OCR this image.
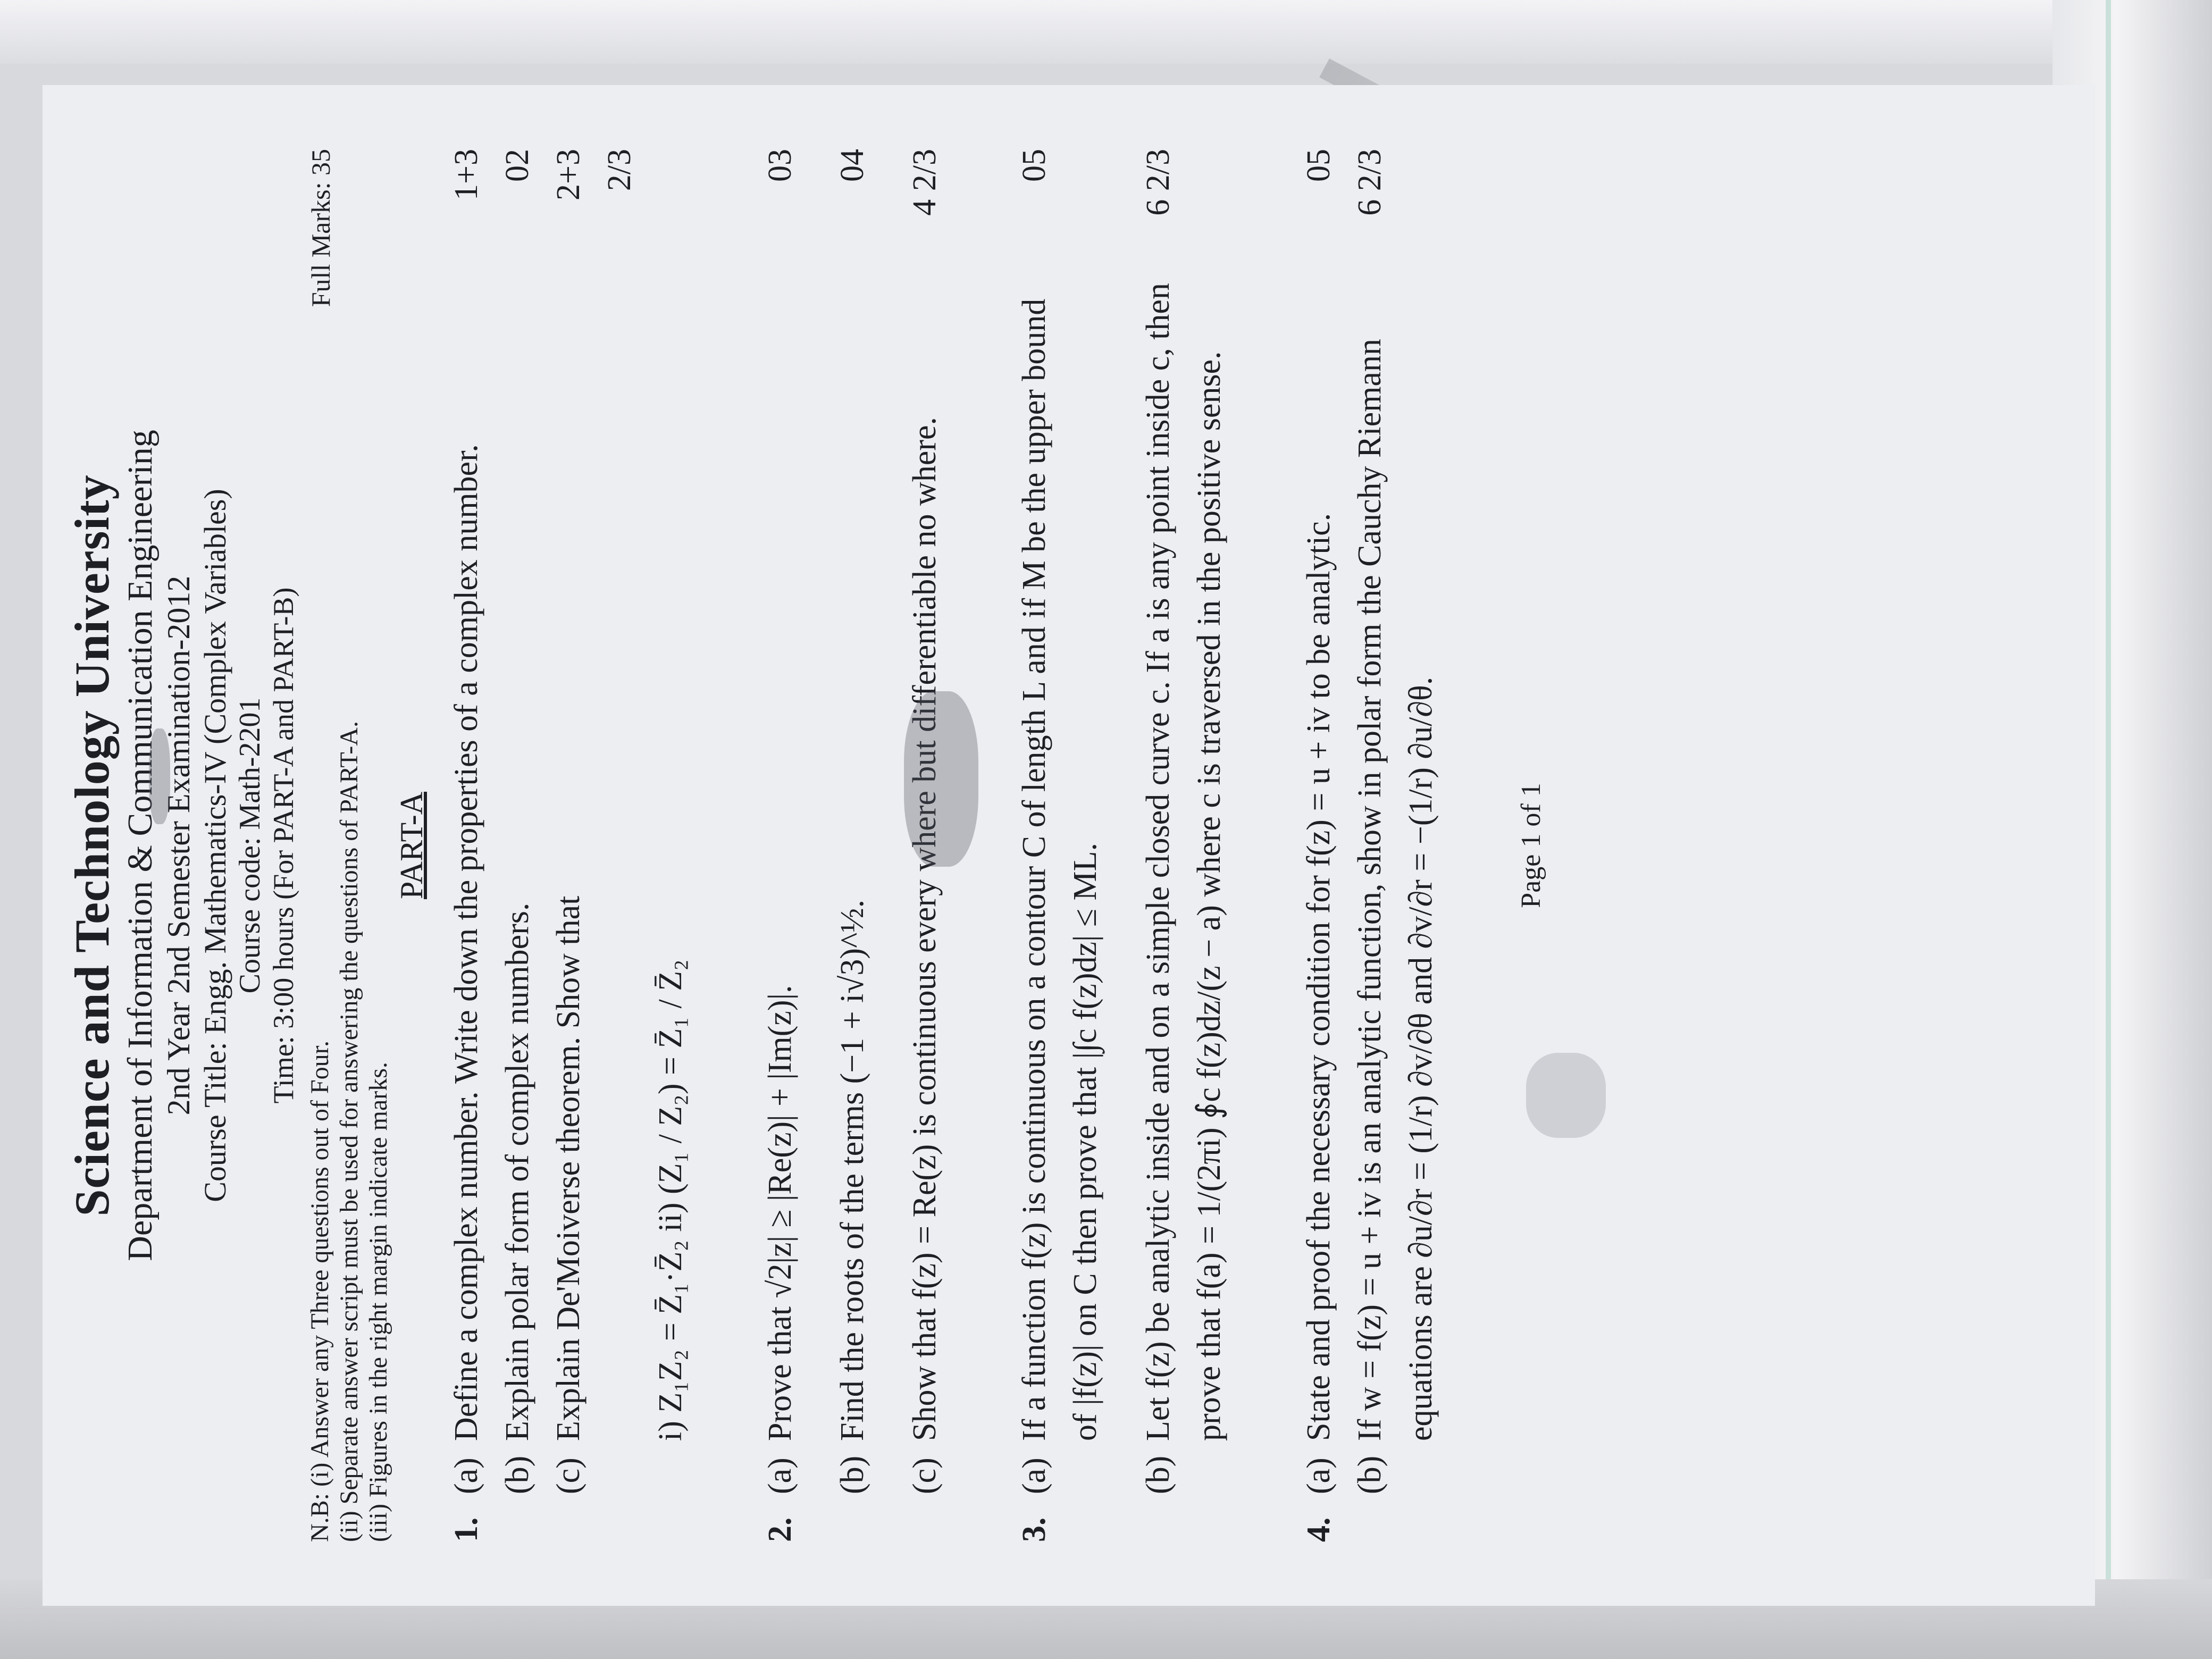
Science and Technology University Department of Information & Communication Engineering 2nd Year 2nd Semester Examination-2012 Course Title: Engg. Mathematics-IV (Complex Variables) Course code: Math-2201 Time: 3:00 hours (For PART-A and PART-B)

N.B: (i) Answer any Three questions out of Four. (ii) Separate answer script must be used for answering the questions of PART-A. (iii) Figures in the right margin indicate marks.
Full Marks: 35

PART-A

1.
(a)
Define a complex number. Write down the properties of a complex number.
1+3
(b)
Explain polar form of complex numbers.
02
(c)
Explain De'Moiverse theorem. Show that
2+3 2/3
i) Z₁Z₂ = Z̄₁·Z̄₂ ii) (Z₁ / Z₂) = Z̄₁ / Z̄₂
2.
(a)
Prove that √2|z| ≥ |Re(z)| + |Im(z)|.
03
(b)
Find the roots of the terms (−1 + i√3)^½.
04
(c)
Show that f(z) = Re(z) is continuous every where but differentiable no where.
4 2/3
3.
(a)
If a function f(z) is continuous on a contour C of length L and if M be the upper bound of |f(z)| on C then prove that |∫c f(z)dz| ≤ ML.
05
(b)
Let f(z) be analytic inside and on a simple closed curve c. If a is any point inside c, then prove that f(a) = 1/(2πi) ∮c f(z)dz/(z − a) where c is traversed in the positive sense.
6 2/3
4.
(a)
State and proof the necessary condition for f(z) = u + iv to be analytic.
05
(b)
If w = f(z) = u + iv is an analytic function, show in polar form the Cauchy Riemann equations are ∂u/∂r = (1/r) ∂v/∂θ and ∂v/∂r = −(1/r) ∂u/∂θ.
6 2/3
Page 1 of 1
